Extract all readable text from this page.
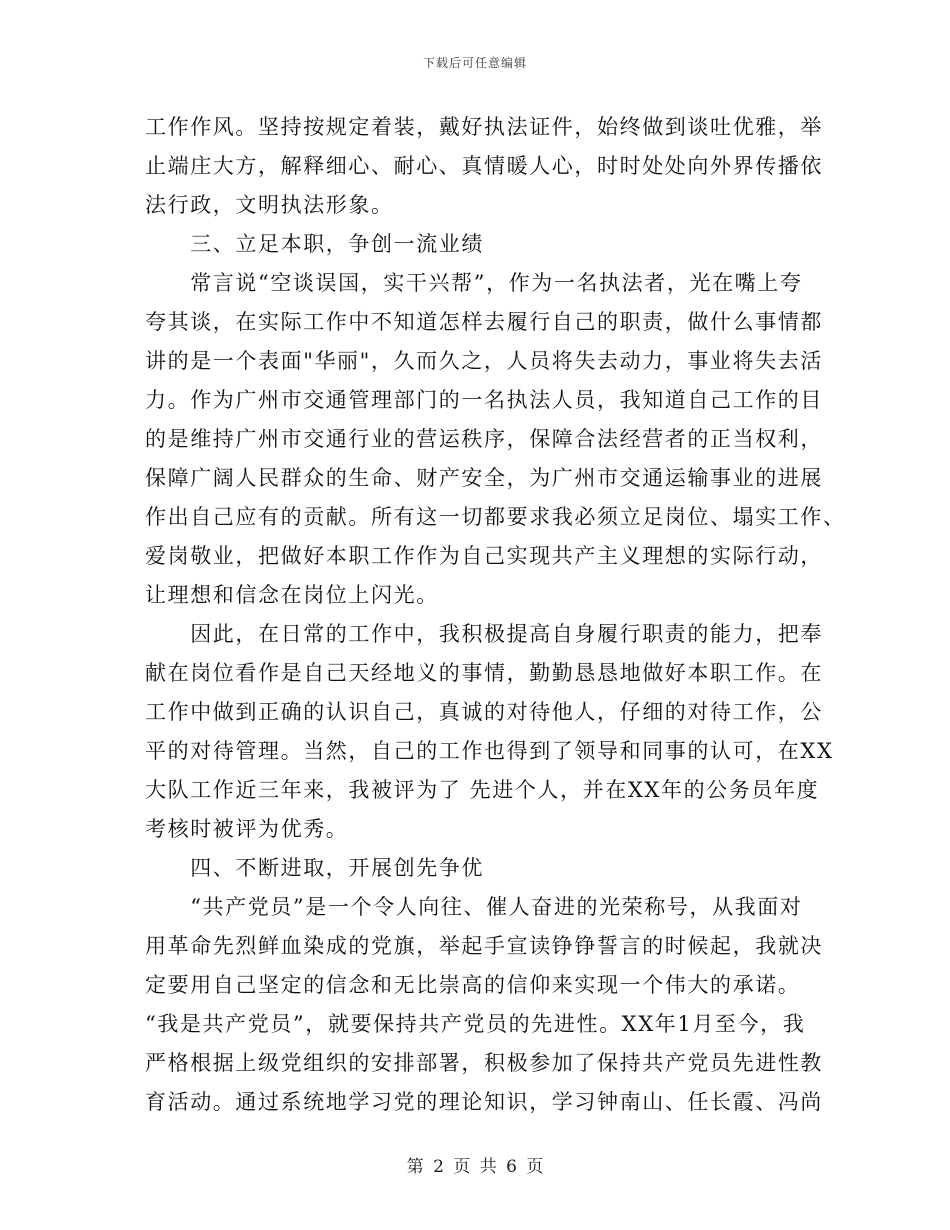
下载后可任意编辑
工作作风。坚持按规定着装，戴好执法证件，始终做到谈吐优雅，举
止端庄大方，解释细心、耐心、真情暖人心，时时处处向外界传播依
法行政，文明执法形象。
　　三、立足本职，争创一流业绩
　　常言说“空谈误国，实干兴帮”，作为一名执法者，光在嘴上夸
夸其谈，在实际工作中不知道怎样去履行自己的职责，做什么事情都
讲的是一个表面"华丽"，久而久之，人员将失去动力，事业将失去活
力。作为广州市交通管理部门的一名执法人员，我知道自己工作的目
的是维持广州市交通行业的营运秩序，保障合法经营者的正当权利，
保障广阔人民群众的生命、财产安全，为广州市交通运输事业的进展
作出自己应有的贡献。所有这一切都要求我必须立足岗位、塌实工作、
爱岗敬业，把做好本职工作作为自己实现共产主义理想的实际行动，
让理想和信念在岗位上闪光。
　　因此，在日常的工作中，我积极提高自身履行职责的能力，把奉
献在岗位看作是自己天经地义的事情，勤勤恳恳地做好本职工作。在
工作中做到正确的认识自己，真诚的对待他人，仔细的对待工作，公
平的对待管理。当然，自己的工作也得到了领导和同事的认可，在XX
大队工作近三年来，我被评为了 先进个人，并在XX年的公务员年度
考核时被评为优秀。
　　四、不断进取，开展创先争优
　　“共产党员”是一个令人向往、催人奋进的光荣称号，从我面对
用革命先烈鲜血染成的党旗，举起手宣读铮铮誓言的时候起，我就决
定要用自己坚定的信念和无比崇高的信仰来实现一个伟大的承诺。
“我是共产党员”，就要保持共产党员的先进性。XX年1月至今，我
严格根据上级党组织的安排部署，积极参加了保持共产党员先进性教
育活动。通过系统地学习党的理论知识，学习钟南山、任长霞、冯尚
第 2 页 共 6 页
